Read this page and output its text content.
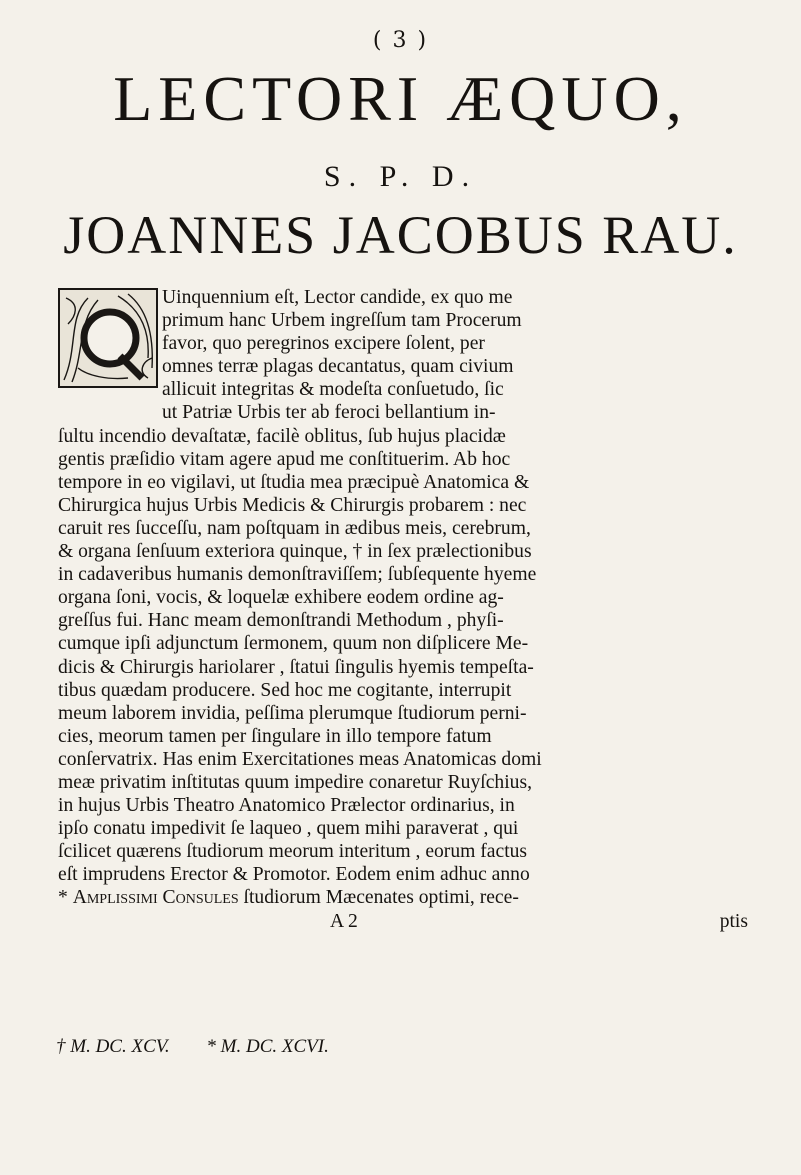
( 3 )
LECTORI ÆQUO,
S. P. D.
JOANNES JACOBUS RAU.
Uinquennium eſt, Lector candide, ex quo me
primum hanc Urbem ingreſſum tam Procerum
favor, quo peregrinos excipere ſolent, per
omnes terræ plagas decantatus, quam civium
allicuit integritas & modeſta conſuetudo, ſic
ut Patriæ Urbis ter ab feroci bellantium in-
ſultu incendio devaſtatæ, facilè oblitus, ſub hujus placidæ
gentis præſidio vitam agere apud me conſtituerim. Ab hoc
tempore in eo vigilavi, ut ſtudia mea præcipuè Anatomica &
Chirurgica hujus Urbis Medicis & Chirurgis probarem : nec
caruit res ſucceſſu, nam poſtquam in ædibus meis, cerebrum,
& organa ſenſuum exteriora quinque, † in ſex prælectionibus
in cadaveribus humanis demonſtraviſſem; ſubſequente hyeme
organa ſoni, vocis, & loquelæ exhibere eodem ordine ag-
greſſus fui. Hanc meam demonſtrandi Methodum , phyſi-
cumque ipſi adjunctum ſermonem, quum non diſplicere Me-
dicis & Chirurgis hariolarer , ſtatui ſingulis hyemis tempeſta-
tibus quædam producere. Sed hoc me cogitante, interrupit
meum laborem invidia, peſſima plerumque ſtudiorum perni-
cies, meorum tamen per ſingulare in illo tempore fatum
conſervatrix. Has enim Exercitationes meas Anatomicas domi
meæ privatim inſtitutas quum impedire conaretur Ruyſchius,
in hujus Urbis Theatro Anatomico Prælector ordinarius, in
ipſo conatu impedivit ſe laqueo , quem mihi paraverat , qui
ſcilicet quærens ſtudiorum meorum interitum , eorum factus
eſt imprudens Erector & Promotor. Eodem enim adhuc anno
* Amplissimi Consules ſtudiorum Mæcenates optimi, rece-
A 2	ptis
† M. DC. XCV. * M. DC. XCVI.
